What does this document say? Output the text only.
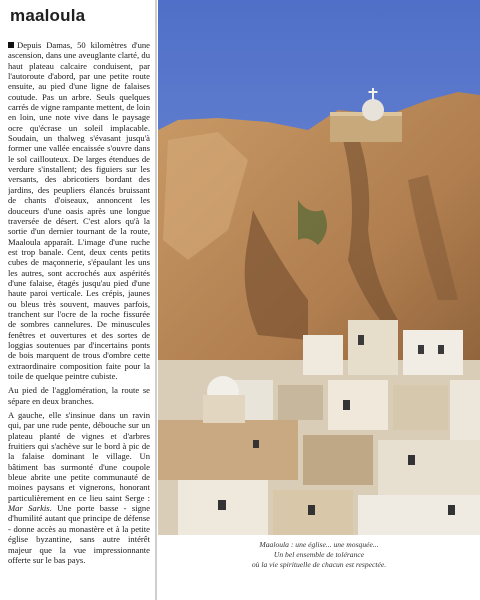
maaloula

Depuis Damas, 50 kilomètres d'une ascension, dans une aveuglante clarté, du haut plateau calcaire conduisent, par l'autoroute d'abord, par une petite route ensuite, au pied d'une ligne de falaises coutude. Pas un arbre. Seuls quelques carrés de vigne rampante mettent, de loin en loin, une note vive dans le paysage ocre qu'écrase un soleil implacable. Soudain, un thalweg s'évasant jusqu'à former une vallée encaissée s'ouvre dans le sol caillouteux. De larges étendues de verdure s'installent; des figuiers sur les versants, des abricotiers bordant des jardins, des peupliers élancés bruissant de chants d'oiseaux, annoncent les douceurs d'une oasis après une longue traversée de désert. C'est alors qu'à la sortie d'un dernier tournant de la route, Maaloula apparaît. L'image d'une ruche est trop banale. Cent, deux cents petits cubes de maçonnerie, s'épaulant les uns les autres, sont accrochés aux aspérités d'une falaise, étagés jusqu'au pied d'une haute paroi verticale. Les crépis, jaunes ou bleus très souvent, mauves parfois, tranchent sur l'ocre de la roche fissurée de sombres cannelures. De minuscules fenêtres et ouvertures et des sortes de loggias soutenues par d'incertains ponts de bois marquent de trous d'ombre cette extraordinaire composition faite pour la toile de quelque peintre cubiste.

Au pied de l'agglomération, la route se sépare en deux branches.

A gauche, elle s'insinue dans un ravin qui, par une rude pente, débouche sur un plateau planté de vignes et d'arbres fruitiers qui s'achève sur le bord à pic de la falaise dominant le village. Un bâtiment bas surmonté d'une coupole bleue abrite une petite communauté de moines paysans et vignerons, honorant particulièrement en ce lieu saint Serge : Mar Sarkis. Une porte basse - signe d'humilité autant que principe de défense - donne accès au monastère et à la petite église byzantine, sans autre intérêt majeur que la vue impressionnante offerte sur le bas pays.

Maaloula : une église... une mosquée...
Un bel ensemble de tolérance
où la vie spirituelle de chacun est respectée.
